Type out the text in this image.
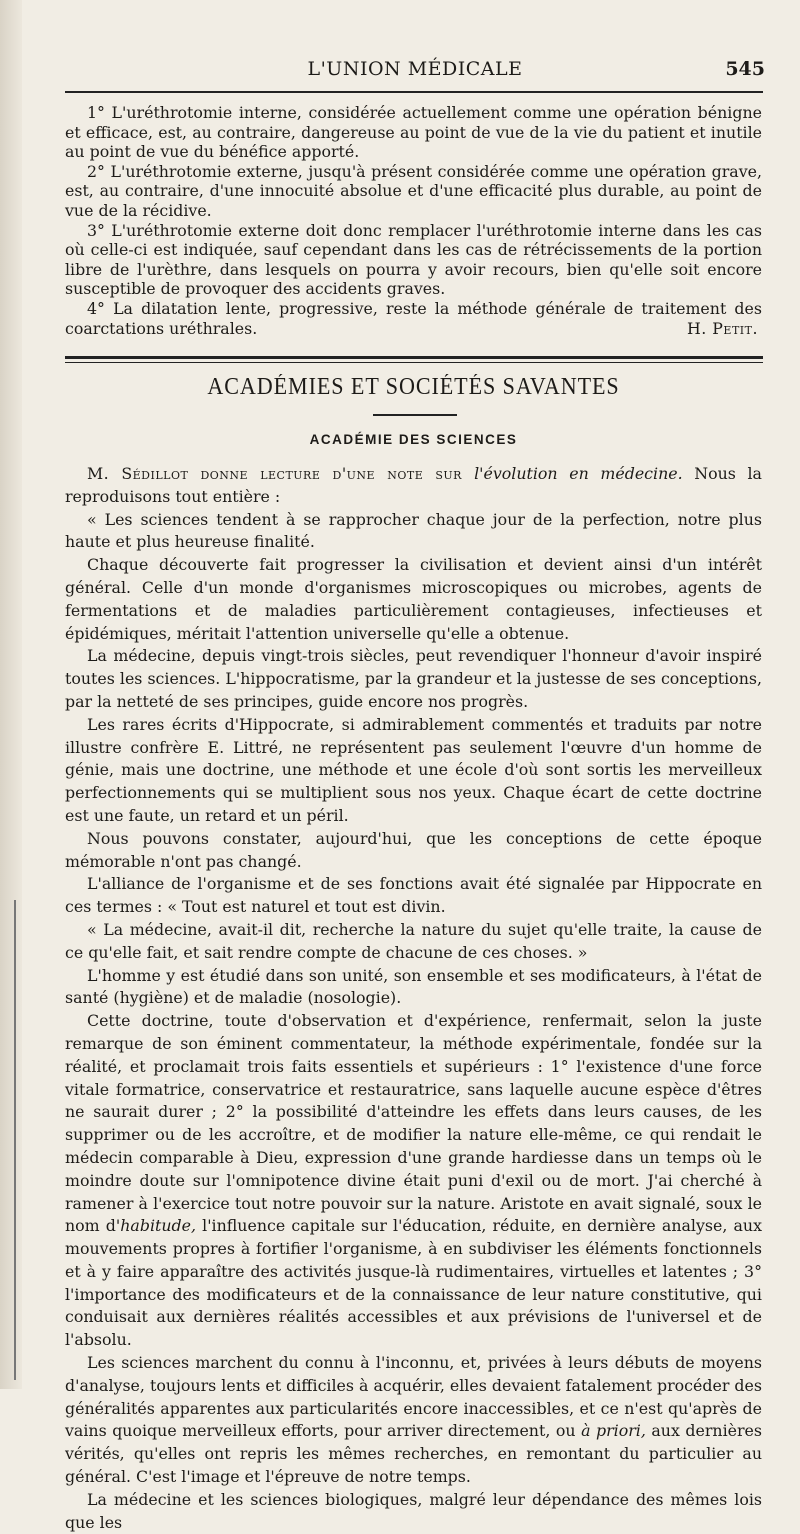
L'UNION MÉDICALE	545

1° L'uréthrotomie interne, considérée actuellement comme une opération bénigne et efficace, est, au contraire, dangereuse au point de vue de la vie du patient et inutile au point de vue du bénéfice apporté.

2° L'uréthrotomie externe, jusqu'à présent considérée comme une opération grave, est, au contraire, d'une innocuité absolue et d'une efficacité plus durable, au point de vue de la récidive.

3° L'uréthrotomie externe doit donc remplacer l'uréthrotomie interne dans les cas où celle-ci est indiquée, sauf cependant dans les cas de rétrécissements de la portion libre de l'urèthre, dans lesquels on pourra y avoir recours, bien qu'elle soit encore susceptible de provoquer des accidents graves.

4° La dilatation lente, progressive, reste la méthode générale de traitement des coarctations uréthrales.	H. Petit.

ACADÉMIES ET SOCIÉTÉS SAVANTES
ACADÉMIE DES SCIENCES

M. Sédillot donne lecture d'une note sur l'évolution en médecine. Nous la reproduisons tout entière :

« Les sciences tendent à se rapprocher chaque jour de la perfection, notre plus haute et plus heureuse finalité.

Chaque découverte fait progresser la civilisation et devient ainsi d'un intérêt général. Celle d'un monde d'organismes microscopiques ou microbes, agents de fermentations et de maladies particulièrement contagieuses, infectieuses et épidémiques, méritait l'attention universelle qu'elle a obtenue.

La médecine, depuis vingt-trois siècles, peut revendiquer l'honneur d'avoir inspiré toutes les sciences. L'hippocratisme, par la grandeur et la justesse de ses conceptions, par la netteté de ses principes, guide encore nos progrès.

Les rares écrits d'Hippocrate, si admirablement commentés et traduits par notre illustre confrère E. Littré, ne représentent pas seulement l'œuvre d'un homme de génie, mais une doctrine, une méthode et une école d'où sont sortis les merveilleux perfectionnements qui se multiplient sous nos yeux. Chaque écart de cette doctrine est une faute, un retard et un péril.

Nous pouvons constater, aujourd'hui, que les conceptions de cette époque mémorable n'ont pas changé.

L'alliance de l'organisme et de ses fonctions avait été signalée par Hippocrate en ces termes : « Tout est naturel et tout est divin.

« La médecine, avait-il dit, recherche la nature du sujet qu'elle traite, la cause de ce qu'elle fait, et sait rendre compte de chacune de ces choses. »

L'homme y est étudié dans son unité, son ensemble et ses modificateurs, à l'état de santé (hygiène) et de maladie (nosologie).

Cette doctrine, toute d'observation et d'expérience, renfermait, selon la juste remarque de son éminent commentateur, la méthode expérimentale, fondée sur la réalité, et proclamait trois faits essentiels et supérieurs : 1° l'existence d'une force vitale formatrice, conservatrice et restauratrice, sans laquelle aucune espèce d'êtres ne saurait durer ; 2° la possibilité d'atteindre les effets dans leurs causes, de les supprimer ou de les accroître, et de modifier la nature elle-même, ce qui rendait le médecin comparable à Dieu, expression d'une grande hardiesse dans un temps où le moindre doute sur l'omnipotence divine était puni d'exil ou de mort. J'ai cherché à ramener à l'exercice tout notre pouvoir sur la nature. Aristote en avait signalé, soux le nom d'habitude, l'influence capitale sur l'éducation, réduite, en dernière analyse, aux mouvements propres à fortifier l'organisme, à en subdiviser les éléments fonctionnels et à y faire apparaître des activités jusque-là rudimentaires, virtuelles et latentes ; 3° l'importance des modificateurs et de la connaissance de leur nature constitutive, qui conduisait aux dernières réalités accessibles et aux prévisions de l'universel et de l'absolu.

Les sciences marchent du connu à l'inconnu, et, privées à leurs débuts de moyens d'analyse, toujours lents et difficiles à acquérir, elles devaient fatalement procéder des généralités apparentes aux particularités encore inaccessibles, et ce n'est qu'après de vains quoique merveilleux efforts, pour arriver directement, ou à priori, aux dernières vérités, qu'elles ont repris les mêmes recherches, en remontant du particulier au général. C'est l'image et l'épreuve de notre temps.

La médecine et les sciences biologiques, malgré leur dépendance des mêmes lois que les
